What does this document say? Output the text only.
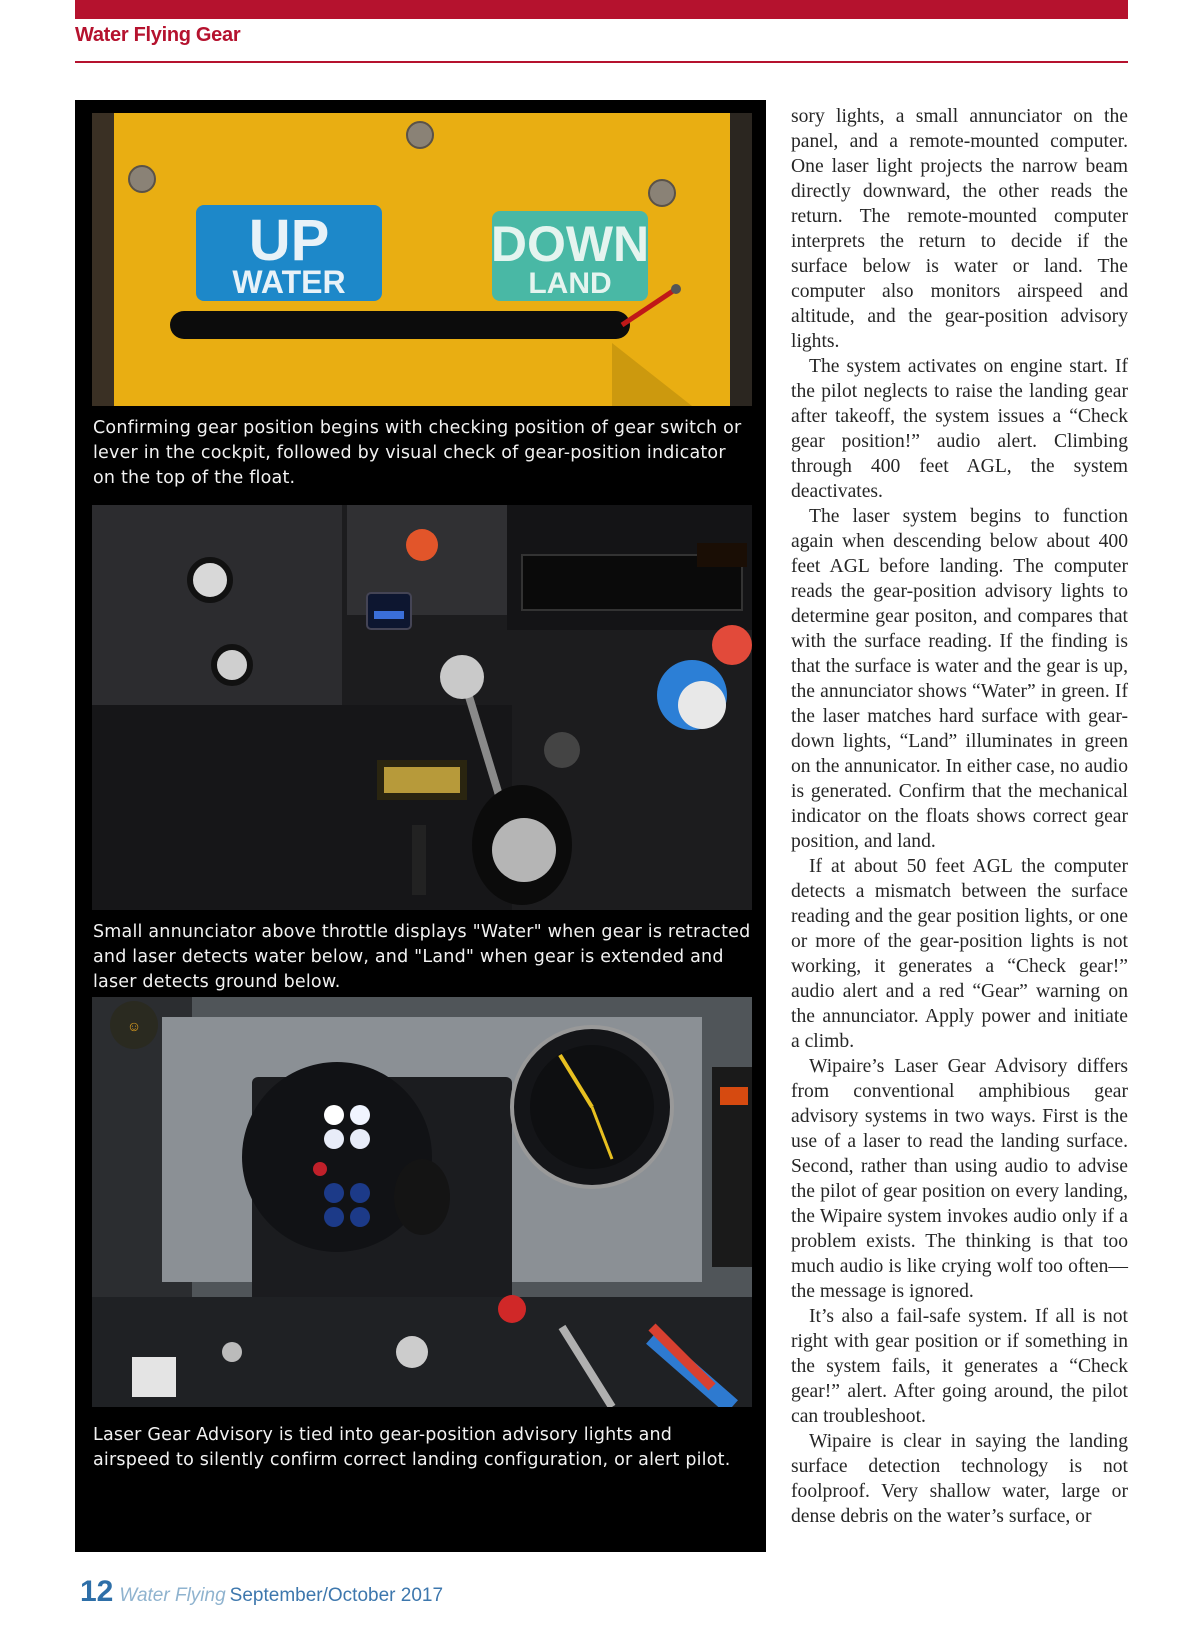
Water Flying Gear
UP
WATER
DOWN
LAND
Confirming gear position begins with checking position of gear switch or lever in the cockpit, followed by visual check of gear-position indicator on the top of the float.
Small annunciator above throttle displays "Water" when gear is retracted and laser detects water below, and "Land" when gear is extended and laser detects ground below.
☺
Laser Gear Advisory is tied into gear-position advisory lights and airspeed to silently confirm correct landing configuration, or alert pilot.

sory lights, a small annunciator on the panel, and a remote-mounted computer. One laser light projects the narrow beam directly downward, the other reads the return. The remote-mounted computer interprets the return to decide if the surface below is water or land. The computer also monitors airspeed and altitude, and the gear-position advisory lights.

The system activates on engine start. If the pilot neglects to raise the landing gear after takeoff, the system issues a “Check gear position!” audio alert. Climbing through 400 feet AGL, the system deactivates.

The laser system begins to function again when descending below about 400 feet AGL before landing. The computer reads the gear-position advisory lights to determine gear positon, and compares that with the surface reading. If the finding is that the surface is water and the gear is up, the annunciator shows “Water” in green. If the laser matches hard surface with gear-down lights, “Land” illuminates in green on the annunicator. In either case, no audio is generated. Confirm that the mechanical indicator on the floats shows correct gear position, and land.

If at about 50 feet AGL the computer detects a mismatch between the surface reading and the gear position lights, or one or more of the gear-position lights is not working, it generates a “Check gear!” audio alert and a red “Gear” warning on the annunciator. Apply power and initiate a climb.

Wipaire’s Laser Gear Advisory differs from conventional amphibious gear advisory systems in two ways. First is the use of a laser to read the landing surface. Second, rather than using audio to advise the pilot of gear position on every landing, the Wipaire system invokes audio only if a problem exists. The thinking is that too much audio is like crying wolf too often—the message is ignored.

It’s also a fail-safe system. If all is not right with gear position or if something in the system fails, it generates a “Check gear!” alert. After going around, the pilot can troubleshoot.

Wipaire is clear in saying the landing surface detection technology is not foolproof. Very shallow water, large or dense debris on the water’s surface, or

12 Water Flying September/October 2017
